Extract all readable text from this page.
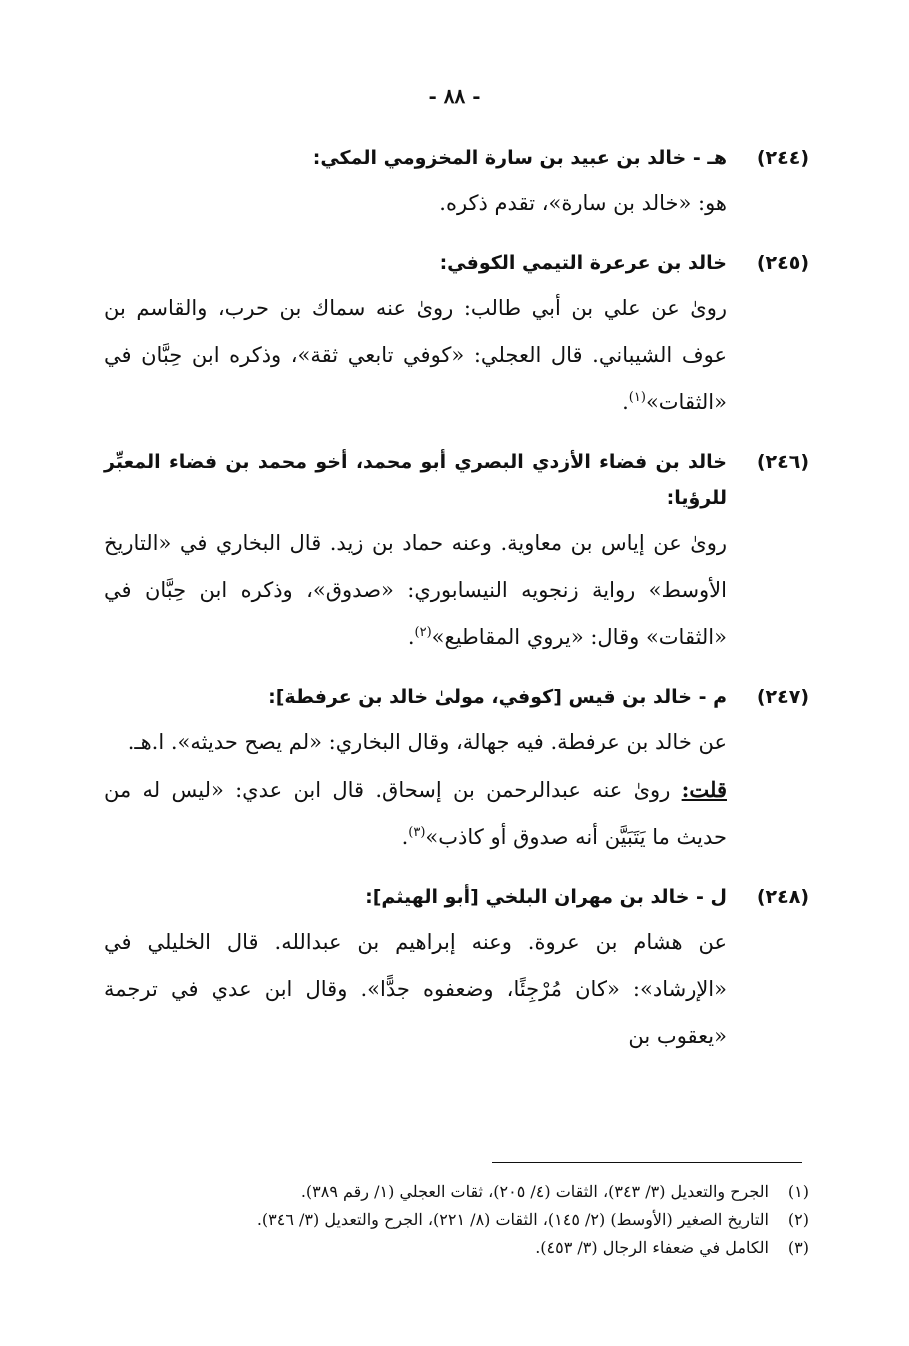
- ٨٨ -
(٢٤٤)
هـ - خالد بن عبيد بن سارة المخزومي المكي:

هو: «خالد بن سارة»، تقدم ذكره.

(٢٤٥)
خالد بن عرعرة التيمي الكوفي:

روىٰ عن علي بن أبي طالب: روىٰ عنه سماك بن حرب، والقاسم بن عوف الشيباني. قال العجلي: «كوفي تابعي ثقة»، وذكره ابن حِبَّان في «الثقات»$^{(١)}$.

(٢٤٦)
خالد بن فضاء الأزدي البصري أبو محمد، أخو محمد بن فضاء المعبِّر للرؤيا:

روىٰ عن إياس بن معاوية. وعنه حماد بن زيد. قال البخاري في «التاريخ الأوسط» رواية زنجويه النيسابوري: «صدوق»، وذكره ابن حِبَّان في «الثقات» وقال: «يروي المقاطيع»$^{(٢)}$.

(٢٤٧)
م - خالد بن قيس [كوفي، مولىٰ خالد بن عرفطة]:

عن خالد بن عرفطة. فيه جهالة، وقال البخاري: «لم يصح حديثه». ا.هـ.

قلت: روىٰ عنه عبدالرحمن بن إسحاق. قال ابن عدي: «ليس له من حديث ما يَتَبَيَّن أنه صدوق أو كاذب»$^{(٣)}$.

(٢٤٨)
ل - خالد بن مهران البلخي [أبو الهيثم]:

عن هشام بن عروة. وعنه إبراهيم بن عبدالله. قال الخليلي في «الإرشاد»: «كان مُرْجِئًا، وضعفوه جدًّا». وقال ابن عدي في ترجمة «يعقوب بن

(١)
الجرح والتعديل (٣/ ٣٤٣)، الثقات (٤/ ٢٠٥)، ثقات العجلي (١/ رقم ٣٨٩).
(٢)
التاريخ الصغير (الأوسط) (٢/ ١٤٥)، الثقات (٨/ ٢٢١)، الجرح والتعديل (٣/ ٣٤٦).
(٣)
الكامل في ضعفاء الرجال (٣/ ٤٥٣).
